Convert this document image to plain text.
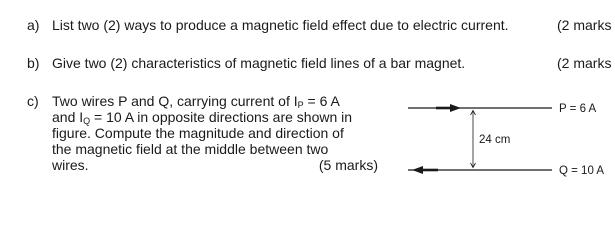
a) List two (2) ways to produce a magnetic field effect due to electric current.	(2 marks
b) Give two (2) characteristics of magnetic field lines of a bar magnet.	(2 marks
c) Two wires P and Q, carrying current of $I_P = 6$ A
and $I_Q = 10$ A in opposite directions are shown in
figure. Compute the magnitude and direction of
the magnetic field at the middle between two
wires.	(5 marks)
24 cm
P = 6 A
Q = 10 A
